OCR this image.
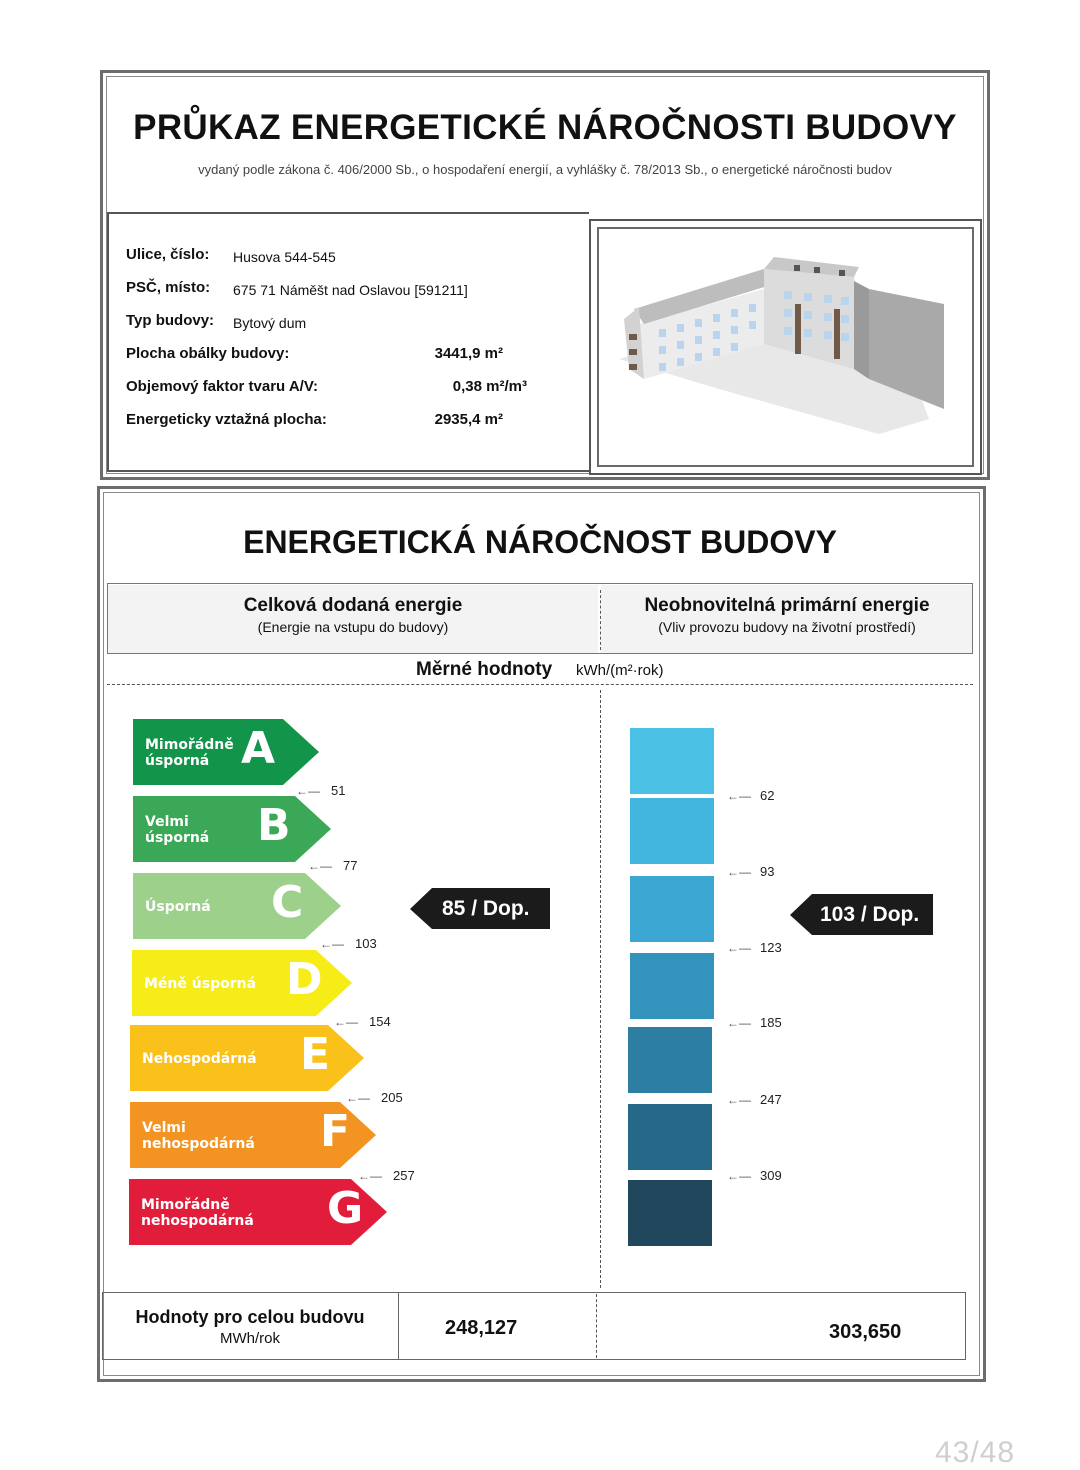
PRŮKAZ ENERGETICKÉ NÁROČNOSTI BUDOVY
vydaný podle zákona č. 406/2000 Sb., o hospodaření energií, a vyhlášky č. 78/2013 Sb., o energetické náročnosti budov
Ulice, číslo: Husova 544-545
PSČ, místo: 675 71 Náměšt nad Oslavou [591211]
Typ budovy: Bytový dum
Plocha obálky budovy:	3441,9 m²
Objemový faktor tvaru A/V:	0,38 m²/m³
Energeticky vztažná plocha:	2935,4 m²
ENERGETICKÁ NÁROČNOST BUDOVY
Celková dodaná energie
(Energie na vstupu do budovy)
Neobnovitelná primární energie
(Vliv provozu budovy na životní prostředí)
Měrné hodnoty kWh/(m²·rok)
Mimořádně
úsporná A
Velmi
úsporná B
Úsporná C
Méně úsporná D
Nehospodárná E
Velmi
nehospodárná F
Mimořádně
nehospodárná G
←— 51
←— 77
←— 103
←— 154
←— 205
←— 257
85 / Dop.
←— 62
←— 93
←— 123
←— 185
←— 247
←— 309
103 / Dop.
Hodnoty pro celou budovu
MWh/rok	248,127	303,650
43/48
